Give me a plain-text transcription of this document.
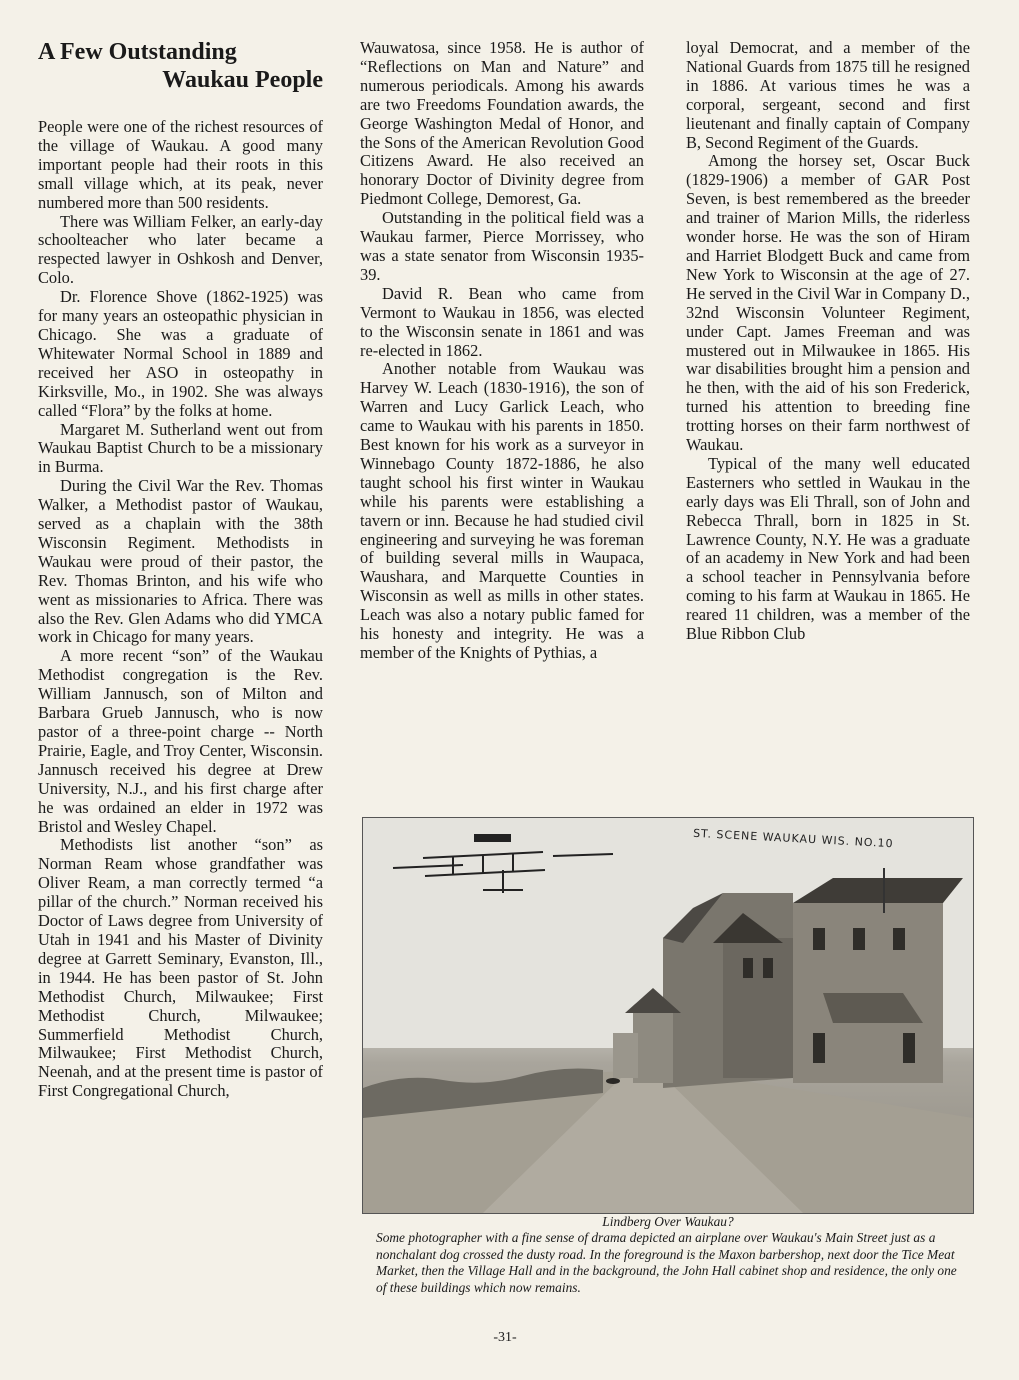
A Few Outstanding
Waukau People

People were one of the richest resources of the village of Waukau. A good many important people had their roots in this small village which, at its peak, never numbered more than 500 residents.

There was William Felker, an early-day schoolteacher who later became a respected lawyer in Oshkosh and Denver, Colo.

Dr. Florence Shove (1862-1925) was for many years an osteopathic physician in Chicago. She was a graduate of Whitewater Normal School in 1889 and received her ASO in osteopathy in Kirksville, Mo., in 1902. She was always called “Flora” by the folks at home.

Margaret M. Sutherland went out from Waukau Baptist Church to be a missionary in Burma.

During the Civil War the Rev. Thomas Walker, a Methodist pastor of Waukau, served as a chaplain with the 38th Wisconsin Regiment. Methodists in Waukau were proud of their pastor, the Rev. Thomas Brinton, and his wife who went as missionaries to Africa. There was also the Rev. Glen Adams who did YMCA work in Chicago for many years.

A more recent “son” of the Waukau Methodist congregation is the Rev. William Jannusch, son of Milton and Barbara Grueb Jannusch, who is now pastor of a three-point charge -- North Prairie, Eagle, and Troy Center, Wisconsin. Jannusch received his degree at Drew University, N.J., and his first charge after he was ordained an elder in 1972 was Bristol and Wesley Chapel.

Methodists list another “son” as Norman Ream whose grandfather was Oliver Ream, a man correctly termed “a pillar of the church.” Norman received his Doctor of Laws degree from University of Utah in 1941 and his Master of Divinity degree at Garrett Seminary, Evanston, Ill., in 1944. He has been pastor of St. John Methodist Church, Milwaukee; First Methodist Church, Milwaukee; Summerfield Methodist Church, Milwaukee; First Methodist Church, Neenah, and at the present time is pastor of First Congregational Church,

Wauwatosa, since 1958. He is author of “Reflections on Man and Nature” and numerous periodicals. Among his awards are two Freedoms Foundation awards, the George Washington Medal of Honor, and the Sons of the American Revolution Good Citizens Award. He also received an honorary Doctor of Divinity degree from Piedmont College, Demorest, Ga.

Outstanding in the political field was a Waukau farmer, Pierce Morrissey, who was a state senator from Wisconsin 1935-39.

David R. Bean who came from Vermont to Waukau in 1856, was elected to the Wisconsin senate in 1861 and was re-elected in 1862.

Another notable from Waukau was Harvey W. Leach (1830-1916), the son of Warren and Lucy Garlick Leach, who came to Waukau with his parents in 1850. Best known for his work as a surveyor in Winnebago County 1872-1886, he also taught school his first winter in Waukau while his parents were establishing a tavern or inn. Because he had studied civil engineering and surveying he was foreman of building several mills in Waupaca, Waushara, and Marquette Counties in Wisconsin as well as mills in other states. Leach was also a notary public famed for his honesty and integrity. He was a member of the Knights of Pythias, a

loyal Democrat, and a member of the National Guards from 1875 till he resigned in 1886. At various times he was a corporal, sergeant, second and first lieutenant and finally captain of Company B, Second Regiment of the Guards.

Among the horsey set, Oscar Buck (1829-1906) a member of GAR Post Seven, is best remembered as the breeder and trainer of Marion Mills, the riderless wonder horse. He was the son of Hiram and Harriet Blodgett Buck and came from New York to Wisconsin at the age of 27. He served in the Civil War in Company D., 32nd Wisconsin Volunteer Regiment, under Capt. James Freeman and was mustered out in Milwaukee in 1865. His war disabilities brought him a pension and he then, with the aid of his son Frederick, turned his attention to breeding fine trotting horses on their farm northwest of Waukau.

Typical of the many well educated Easterners who settled in Waukau in the early days was Eli Thrall, son of John and Rebecca Thrall, born in 1825 in St. Lawrence County, N.Y. He was a graduate of an academy in New York and had been a school teacher in Pennsylvania before coming to his farm at Waukau in 1865. He reared 11 children, was a member of the Blue Ribbon Club

ST. SCENE WAUKAU WIS. NO.10
Lindberg Over Waukau?
Some photographer with a fine sense of drama depicted an airplane over Waukau's Main Street just as a nonchalant dog crossed the dusty road. In the foreground is the Maxon barbershop, next door the Tice Meat Market, then the Village Hall and in the background, the John Hall cabinet shop and residence, the only one of these buildings which now remains.
-31-
